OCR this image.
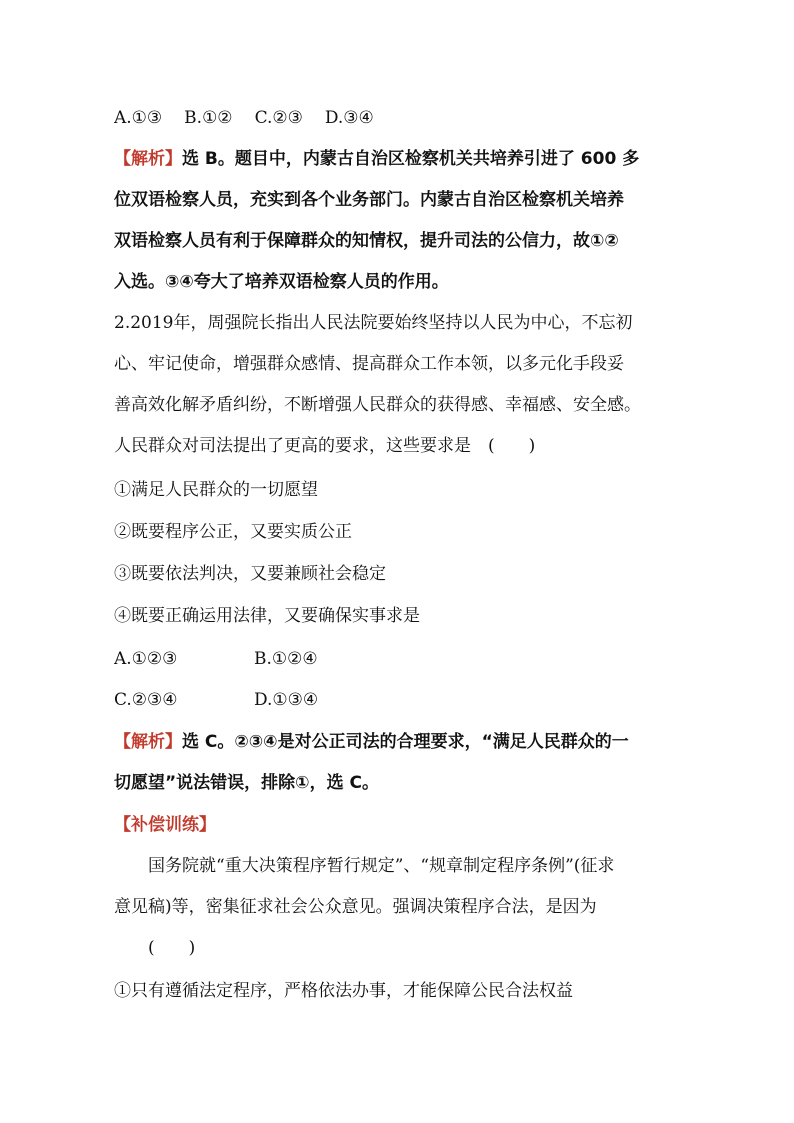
A.①③ B.①② C.②③ D.③④
【解析】选 B。题目中，内蒙古自治区检察机关共培养引进了 600 多
位双语检察人员，充实到各个业务部门。内蒙古自治区检察机关培养
双语检察人员有利于保障群众的知情权，提升司法的公信力，故①②
入选。③④夸大了培养双语检察人员的作用。
2.2019年，周强院长指出人民法院要始终坚持以人民为中心，不忘初
心、牢记使命，增强群众感情、提高群众工作本领，以多元化手段妥
善高效化解矛盾纠纷，不断增强人民群众的获得感、幸福感、安全感。
人民群众对司法提出了更高的要求，这些要求是　(　　)
①满足人民群众的一切愿望
②既要程序公正，又要实质公正
③既要依法判决，又要兼顾社会稳定
④既要正确运用法律，又要确保实事求是
A.①②③	B.①②④
C.②③④	D.①③④
【解析】选 C。②③④是对公正司法的合理要求，“满足人民群众的一
切愿望”说法错误，排除①，选 C。
【补偿训练】
国务院就“重大决策程序暂行规定”、“规章制定程序条例”(征求
意见稿)等，密集征求社会公众意见。强调决策程序合法，是因为
(　　)
①只有遵循法定程序，严格依法办事，才能保障公民合法权益
